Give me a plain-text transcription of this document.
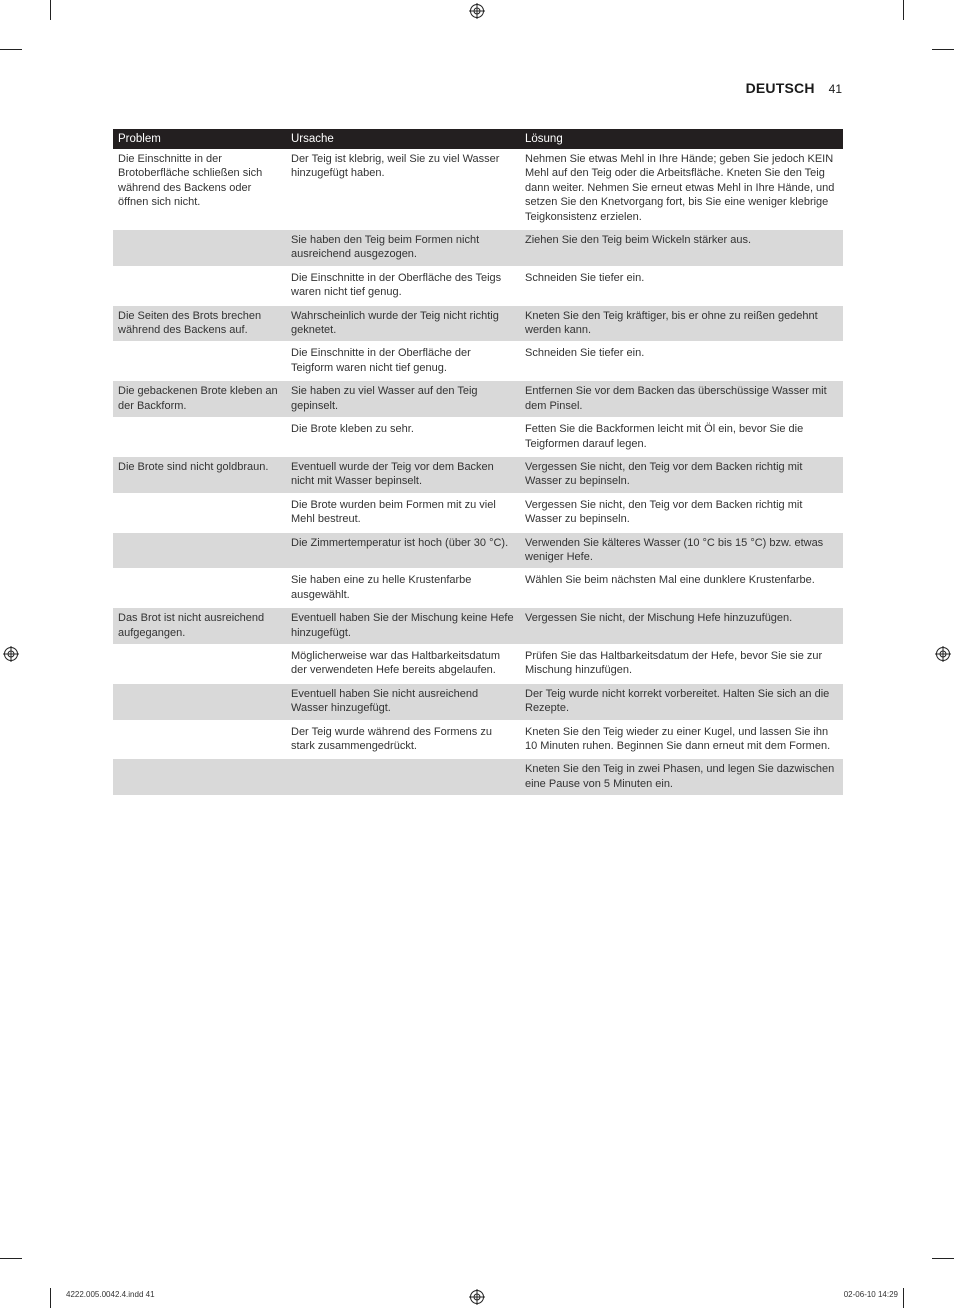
DEUTSCH 41
Problem	Ursache	Lösung
Die Einschnitte in der Brotoberfläche schließen sich während des Backens oder öffnen sich nicht.	Der Teig ist klebrig, weil Sie zu viel Wasser hinzugefügt haben.	Nehmen Sie etwas Mehl in Ihre Hände; geben Sie jedoch KEIN Mehl auf den Teig oder die Arbeitsfläche. Kneten Sie den Teig dann weiter. Nehmen Sie erneut etwas Mehl in Ihre Hände, und setzen Sie den Knetvorgang fort, bis Sie eine weniger klebrige Teigkonsistenz erzielen.
	Sie haben den Teig beim Formen nicht ausreichend ausgezogen.	Ziehen Sie den Teig beim Wickeln stärker aus.
	Die Einschnitte in der Oberfläche des Teigs waren nicht tief genug.	Schneiden Sie tiefer ein.
Die Seiten des Brots brechen während des Backens auf.	Wahrscheinlich wurde der Teig nicht richtig geknetet.	Kneten Sie den Teig kräftiger, bis er ohne zu reißen gedehnt werden kann.
	Die Einschnitte in der Oberfläche der Teigform waren nicht tief genug.	Schneiden Sie tiefer ein.
Die gebackenen Brote kleben an der Backform.	Sie haben zu viel Wasser auf den Teig gepinselt.	Entfernen Sie vor dem Backen das überschüssige Wasser mit dem Pinsel.
	Die Brote kleben zu sehr.	Fetten Sie die Backformen leicht mit Öl ein, bevor Sie die Teigformen darauf legen.
Die Brote sind nicht goldbraun.	Eventuell wurde der Teig vor dem Backen nicht mit Wasser bepinselt.	Vergessen Sie nicht, den Teig vor dem Backen richtig mit Wasser zu bepinseln.
	Die Brote wurden beim Formen mit zu viel Mehl bestreut.	Vergessen Sie nicht, den Teig vor dem Backen richtig mit Wasser zu bepinseln.
	Die Zimmertemperatur ist hoch (über 30 °C).	Verwenden Sie kälteres Wasser (10 °C bis 15 °C) bzw. etwas weniger Hefe.
	Sie haben eine zu helle Krustenfarbe ausgewählt.	Wählen Sie beim nächsten Mal eine dunklere Krustenfarbe.
Das Brot ist nicht ausreichend aufgegangen.	Eventuell haben Sie der Mischung keine Hefe hinzugefügt.	Vergessen Sie nicht, der Mischung Hefe hinzuzufügen.
	Möglicherweise war das Haltbarkeitsdatum der verwendeten Hefe bereits abgelaufen.	Prüfen Sie das Haltbarkeitsdatum der Hefe, bevor Sie sie zur Mischung hinzufügen.
	Eventuell haben Sie nicht ausreichend Wasser hinzugefügt.	Der Teig wurde nicht korrekt vorbereitet. Halten Sie sich an die Rezepte.
	Der Teig wurde während des Formens zu stark zusammengedrückt.	Kneten Sie den Teig wieder zu einer Kugel, und lassen Sie ihn 10 Minuten ruhen. Beginnen Sie dann erneut mit dem Formen.
		Kneten Sie den Teig in zwei Phasen, und legen Sie dazwischen eine Pause von 5 Minuten ein.
4222.005.0042.4.indd 41	02-06-10 14:29
